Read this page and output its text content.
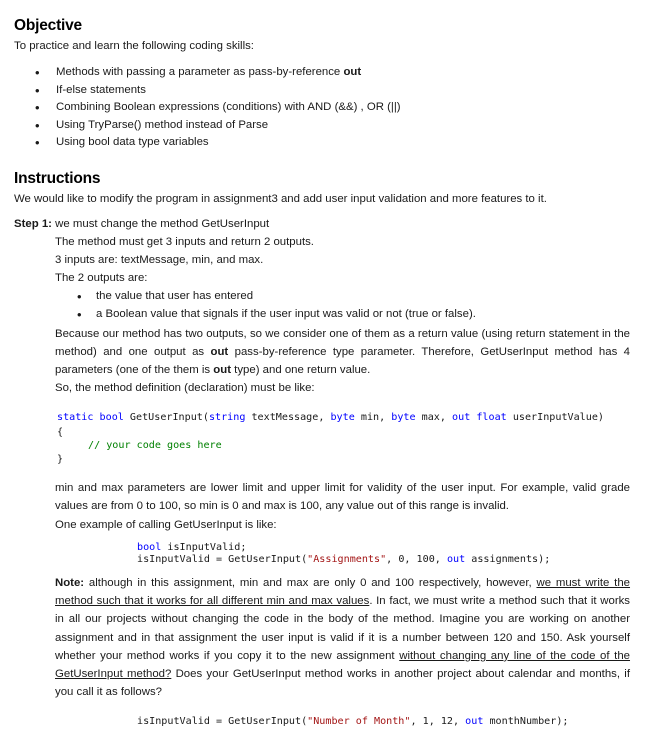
Objective
To practice and learn the following coding skills:
• Methods with passing a parameter as pass-by-reference out
• If-else statements
• Combining Boolean expressions (conditions) with AND (&&) , OR (||)
• Using TryParse() method instead of Parse
• Using bool data type variables
Instructions
We would like to modify the program in assignment3 and add user input validation and more features to it.
Step 1: we must change the method GetUserInput
The method must get 3 inputs and return 2 outputs.
3 inputs are: textMessage, min, and max.
The 2 outputs are:
• the value that user has entered
• a Boolean value that signals if the user input was valid or not (true or false).

Because our method has two outputs, so we consider one of them as a return value (using return statement in the method) and one output as out pass-by-reference type parameter. Therefore, GetUserInput method has 4 parameters (one of the them is out type) and one return value.

So, the method definition (declaration) must be like:
static bool GetUserInput(string textMessage, byte min, byte max, out float userInputValue)
{
// your code goes here
}

min and max parameters are lower limit and upper limit for validity of the user input. For example, valid grade values are from 0 to 100, so min is 0 and max is 100, any value out of this range is invalid.

One example of calling GetUserInput is like:
bool isInputValid;
isInputValid = GetUserInput("Assignments", 0, 100, out assignments);

Note: although in this assignment, min and max are only 0 and 100 respectively, however, we must write the method such that it works for all different min and max values. In fact, we must write a method such that it works in all our projects without changing the code in the body of the method. Imagine you are working on another assignment and in that assignment the user input is valid if it is a number between 120 and 150. Ask yourself whether your method works if you copy it to the new assignment without changing any line of the code of the GetUserInput method? Does your GetUserInput method works in another project about calendar and months, if you call it as follows?

isInputValid = GetUserInput("Number of Month", 1, 12, out monthNumber);
